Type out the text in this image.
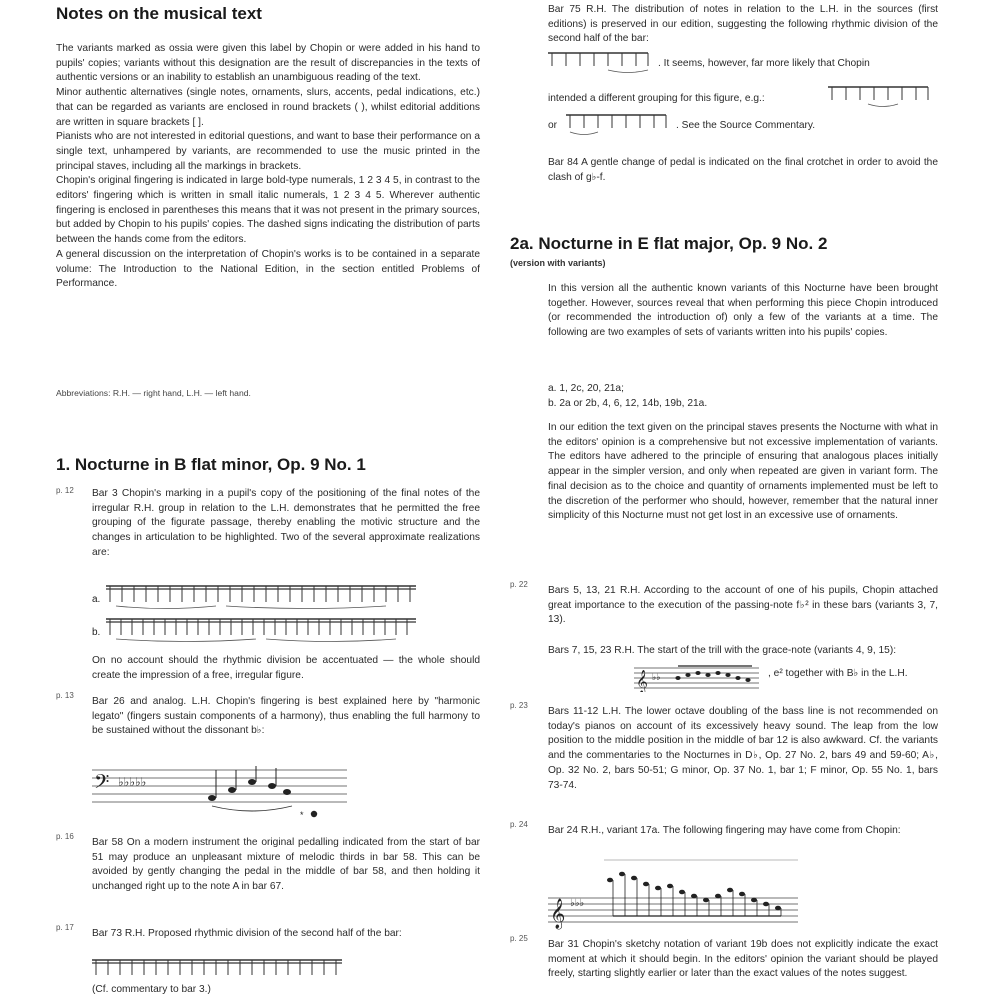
Notes on the musical text

The variants marked as ossia were given this label by Chopin or were added in his hand to pupils' copies; variants without this designation are the result of discrepancies in the texts of authentic versions or an inability to establish an unambiguous reading of the text.

Minor authentic alternatives (single notes, ornaments, slurs, accents, pedal indications, etc.) that can be regarded as variants are enclosed in round brackets ( ), whilst editorial additions are written in square brackets [ ].

Pianists who are not interested in editorial questions, and want to base their performance on a single text, unhampered by variants, are recommended to use the music printed in the principal staves, including all the markings in brackets.

Chopin's original fingering is indicated in large bold-type numerals, 1 2 3 4 5, in contrast to the editors' fingering which is written in small italic numerals, 1 2 3 4 5. Wherever authentic fingering is enclosed in parentheses this means that it was not present in the primary sources, but added by Chopin to his pupils' copies. The dashed signs indicating the distribution of parts between the hands come from the editors.

A general discussion on the interpretation of Chopin's works is to be contained in a separate volume: The Introduction to the National Edition, in the section entitled Problems of Performance.

Abbreviations: R.H. — right hand, L.H. — left hand.
1. Nocturne in B flat minor, Op. 9 No. 1
p. 12 Bar 3 Chopin's marking in a pupil's copy of the positioning of the final notes of the irregular R.H. group in relation to the L.H. demonstrates that he permitted the free grouping of the figurate passage, thereby enabling the motivic structure and the changes in articulation to be highlighted. Two of the several approximate realizations are:

a.
b.

On no account should the rhythmic division be accentuated — the whole should create the impression of a free, irregular figure.

p. 13

Bar 26 and analog. L.H. Chopin's fingering is best explained here by "harmonic legato" (fingers sustain components of a harmony), thus enabling the full harmony to be sustained without the dissonant b♭:

𝄢 ♭♭♭♭♭
*
p. 16

Bar 58 On a modern instrument the original pedalling indicated from the start of bar 51 may produce an unpleasant mixture of melodic thirds in bar 58. This can be avoided by gently changing the pedal in the middle of bar 58, and then holding it unchanged right up to the note A in bar 67.

p. 17

Bar 73 R.H. Proposed rhythmic division of the second half of the bar:

(Cf. commentary to bar 3.)

Bar 75 R.H. The distribution of notes in relation to the L.H. in the sources (first editions) is preserved in our edition, suggesting the following rhythmic division of the second half of the bar:

. It seems, however, far more likely that Chopin

intended a different grouping for this figure, e.g.:

or	. See the Source Commentary.

Bar 84 A gentle change of pedal is indicated on the final crotchet in order to avoid the clash of g♭-f.

2a. Nocturne in E flat major, Op. 9 No. 2
(version with variants)

In this version all the authentic known variants of this Nocturne have been brought together. However, sources reveal that when performing this piece Chopin introduced (or recommended the introduction of) only a few of the variants at a time. The following are two examples of sets of variants written into his pupils' copies.

a. 1, 2c, 20, 21a;

b. 2a or 2b, 4, 6, 12, 14b, 19b, 21a.

In our edition the text given on the principal staves presents the Nocturne with what in the editors' opinion is a comprehensive but not excessive implementation of variants. The editors have adhered to the principle of ensuring that analogous places initially appear in the simpler version, and only when repeated are given in variant form. The final decision as to the choice and quantity of ornaments implemented must be left to the discretion of the performer who should, however, remember that the natural inner simplicity of this Nocturne must not get lost in an excessive use of ornaments.

p. 22

Bars 5, 13, 21 R.H. According to the account of one of his pupils, Chopin attached great importance to the execution of the passing-note f♭² in these bars (variants 3, 7, 13).

Bars 7, 15, 23 R.H. The start of the trill with the grace-note (variants 4, 9, 15):

𝄞 ♭♭	, e² together with B♭ in the L.H.

p. 23

Bars 11-12 L.H. The lower octave doubling of the bass line is not recommended on today's pianos on account of its excessively heavy sound. The leap from the low position to the middle position in the middle of bar 12 is also awkward. Cf. the variants and the commentaries to the Nocturnes in D♭, Op. 27 No. 2, bars 49 and 59-60; A♭, Op. 32 No. 2, bars 50-51; G minor, Op. 37 No. 1, bar 1; F minor, Op. 55 No. 1, bars 73-74.

p. 24

Bar 24 R.H., variant 17a. The following fingering may have come from Chopin:

𝄞 ♭♭♭
p. 25

Bar 31 Chopin's sketchy notation of variant 19b does not explicitly indicate the exact moment at which it should begin. In the editors' opinion the variant should be played freely, starting slightly earlier or later than the exact values of the notes suggest.
